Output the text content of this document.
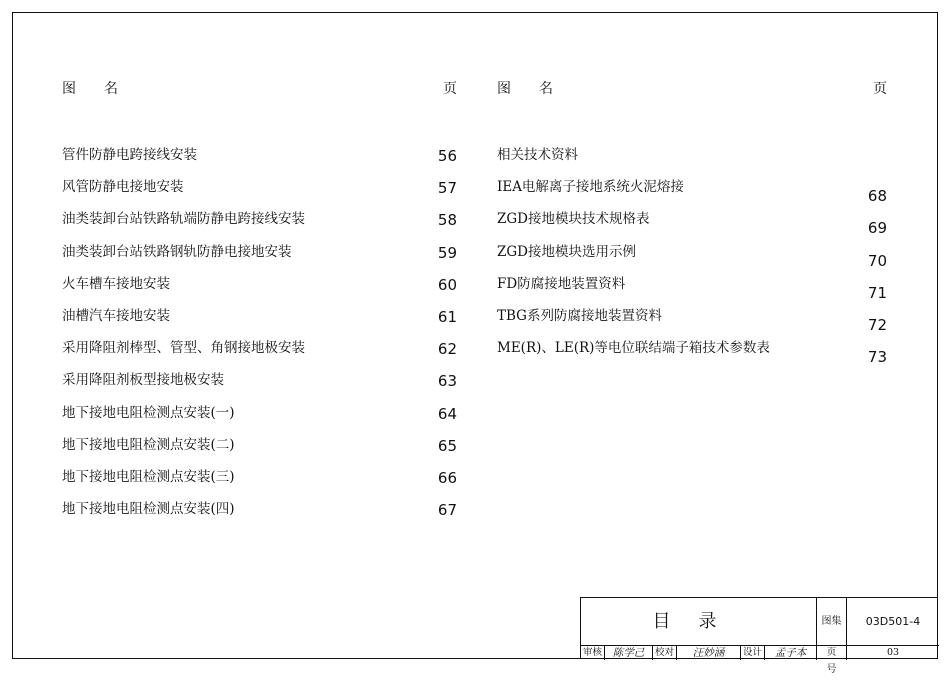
图名	页
管件防静电跨接线安装	56
风管防静电接地安装	57
油类装卸台站铁路轨端防静电跨接线安装	58
油类装卸台站铁路钢轨防静电接地安装	59
火车槽车接地安装	60
油槽汽车接地安装	61
采用降阻剂棒型、管型、角钢接地极安装	62
采用降阻剂板型接地极安装	63
地下接地电阻检测点安装(一)	64
地下接地电阻检测点安装(二)	65
地下接地电阻检测点安装(三)	66
地下接地电阻检测点安装(四)	67
图名	页
相关技术资料
IEA电解离子接地系统火泥熔接	68
ZGD接地模块技术规格表	69
ZGD接地模块选用示例	70
FD防腐接地装置资料	71
TBG系列防腐接地装置资料	72
ME(R)、LE(R)等电位联结端子箱技术参数表	73
目录	图集号
03D501-4
审核	陈学己	校对	汪妙涵	设计	孟子本	页	03
